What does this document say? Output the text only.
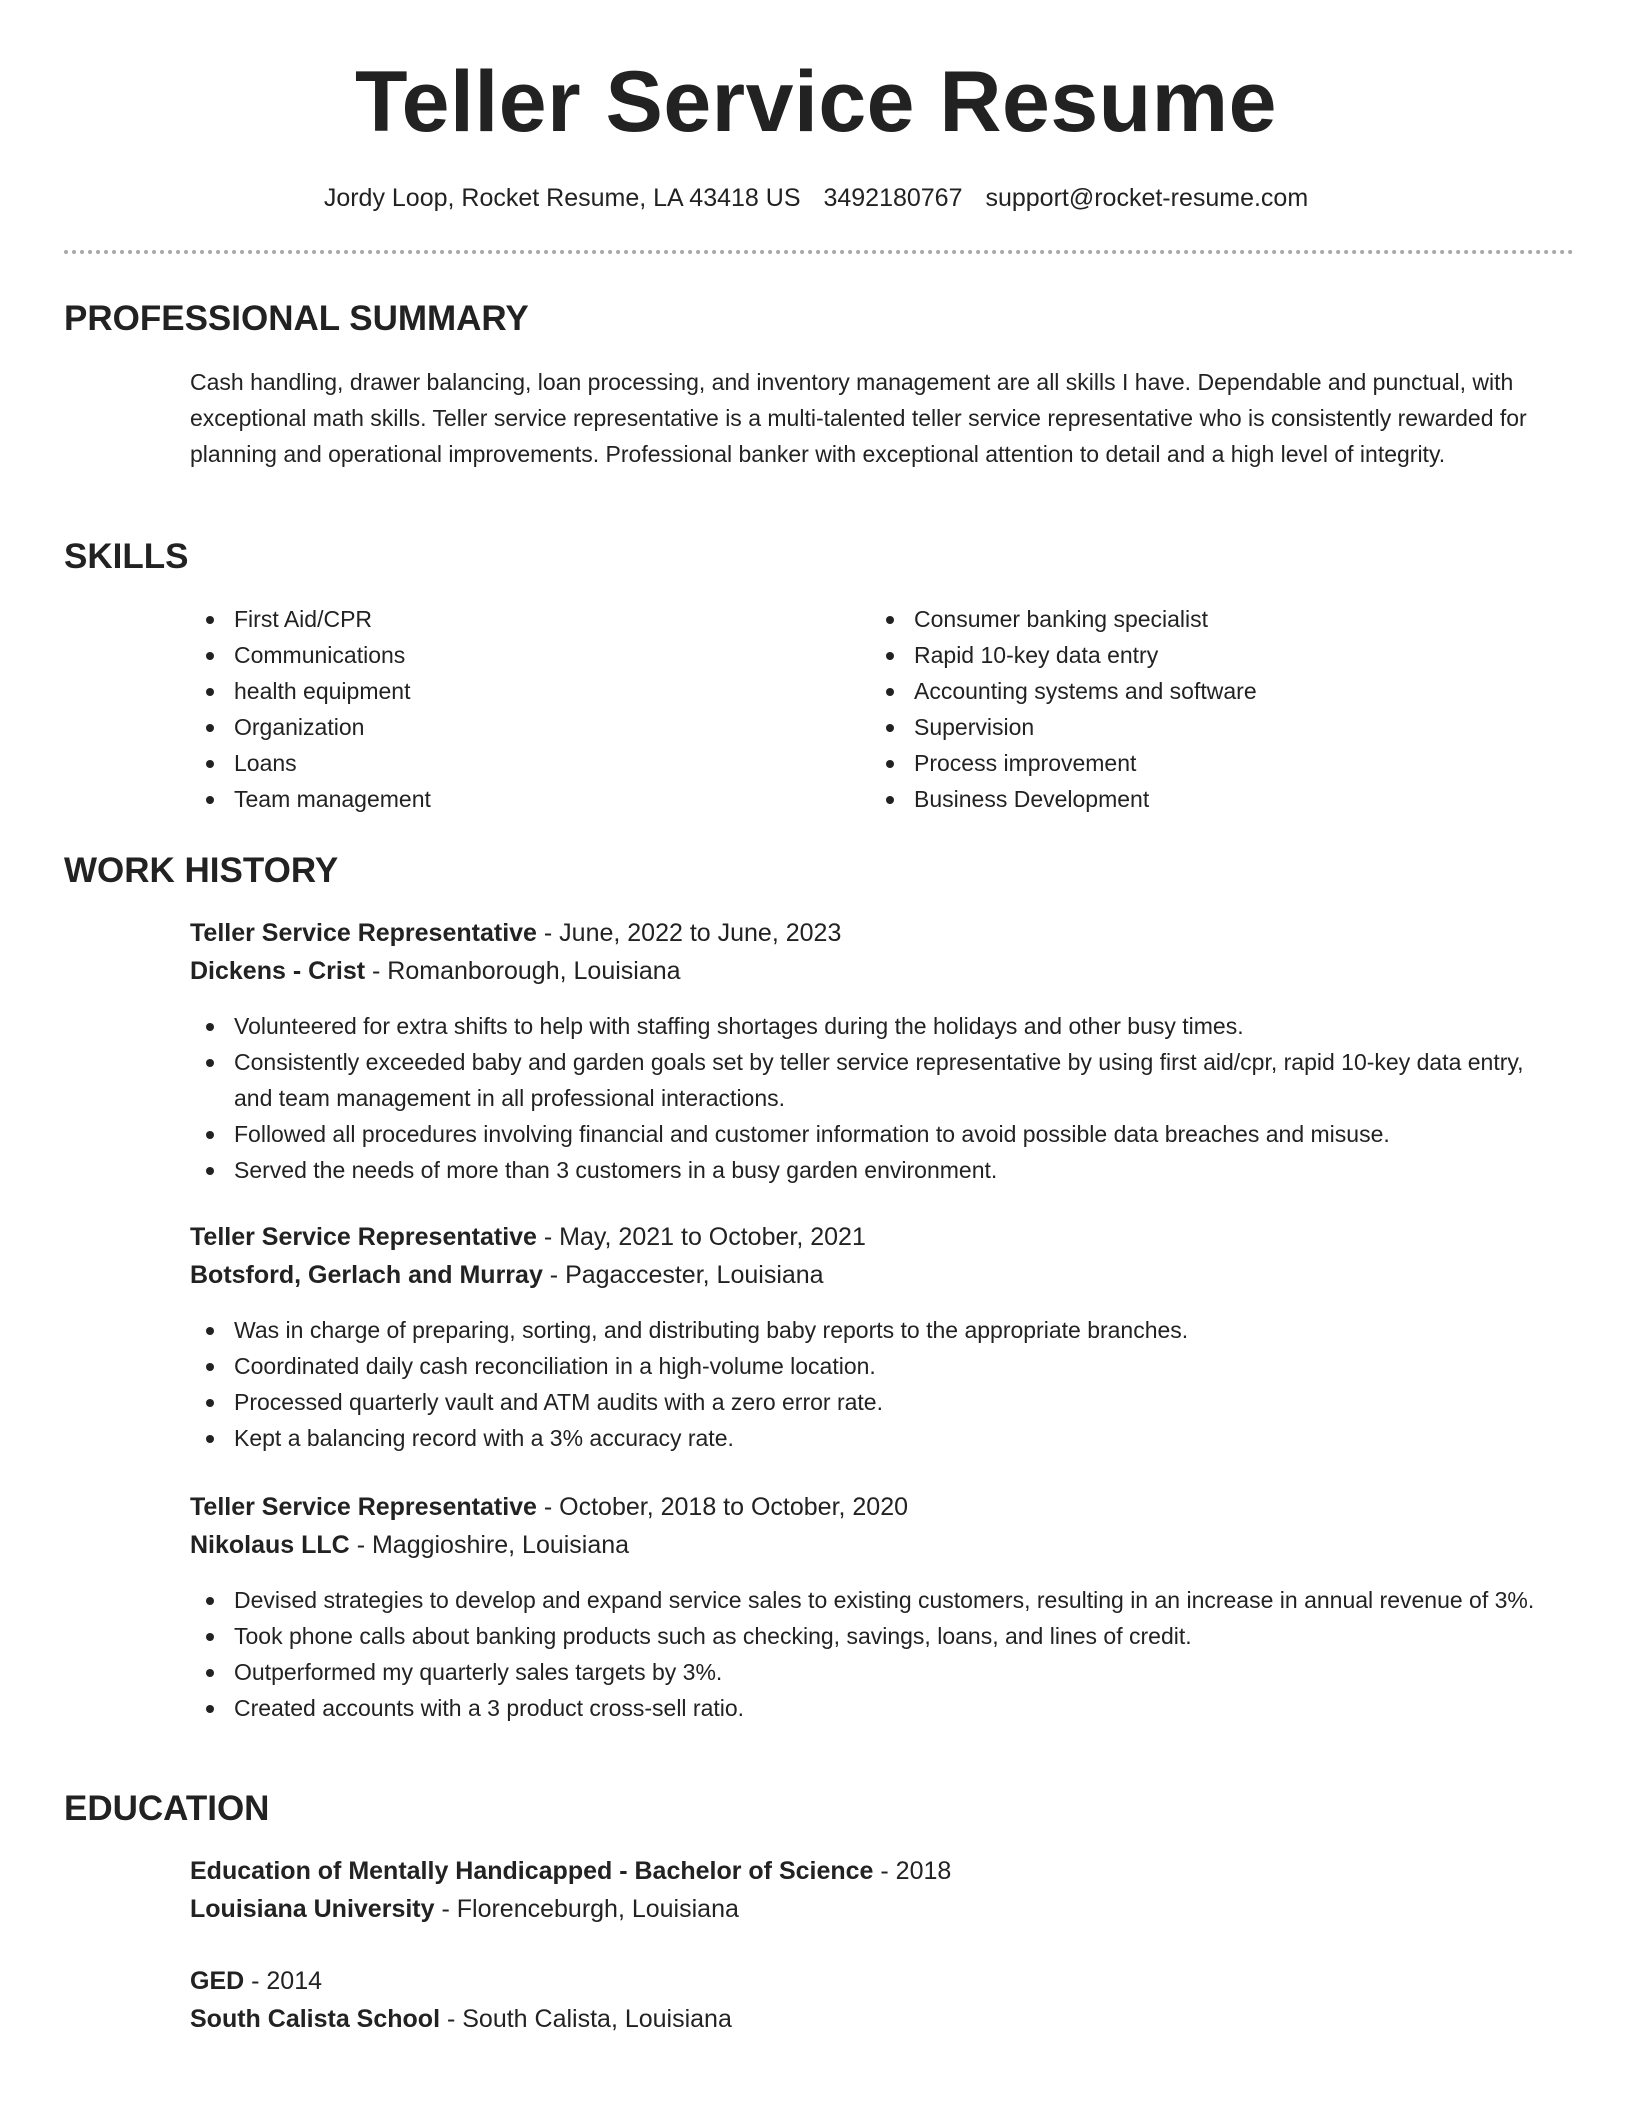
Teller Service Resume
Jordy Loop, Rocket Resume, LA 43418 US 3492180767 support@rocket-resume.com
PROFESSIONAL SUMMARY
Cash handling, drawer balancing, loan processing, and inventory management are all skills I have. Dependable and punctual, with exceptional math skills. Teller service representative is a multi-talented teller service representative who is consistently rewarded for planning and operational improvements. Professional banker with exceptional attention to detail and a high level of integrity.
SKILLS
First Aid/CPR
Communications
health equipment
Organization
Loans
Team management
Consumer banking specialist
Rapid 10-key data entry
Accounting systems and software
Supervision
Process improvement
Business Development
WORK HISTORY
Teller Service Representative - June, 2022 to June, 2023
Dickens - Crist - Romanborough, Louisiana
Volunteered for extra shifts to help with staffing shortages during the holidays and other busy times.
Consistently exceeded baby and garden goals set by teller service representative by using first aid/cpr, rapid 10-key data entry, and team management in all professional interactions.
Followed all procedures involving financial and customer information to avoid possible data breaches and misuse.
Served the needs of more than 3 customers in a busy garden environment.
Teller Service Representative - May, 2021 to October, 2021
Botsford, Gerlach and Murray - Pagaccester, Louisiana
Was in charge of preparing, sorting, and distributing baby reports to the appropriate branches.
Coordinated daily cash reconciliation in a high-volume location.
Processed quarterly vault and ATM audits with a zero error rate.
Kept a balancing record with a 3% accuracy rate.
Teller Service Representative - October, 2018 to October, 2020
Nikolaus LLC - Maggioshire, Louisiana
Devised strategies to develop and expand service sales to existing customers, resulting in an increase in annual revenue of 3%.
Took phone calls about banking products such as checking, savings, loans, and lines of credit.
Outperformed my quarterly sales targets by 3%.
Created accounts with a 3 product cross-sell ratio.
EDUCATION
Education of Mentally Handicapped - Bachelor of Science - 2018
Louisiana University - Florenceburgh, Louisiana
GED - 2014
South Calista School - South Calista, Louisiana
